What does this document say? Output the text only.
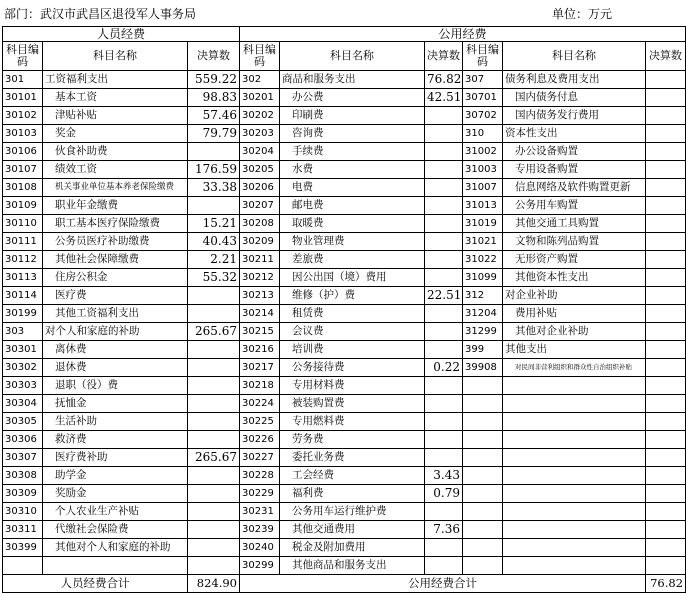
部门：武汉市武昌区退役军人事务局	单位：万元
人员经费			公用经费					
科目编码	科目名称	决算数	科目编码	科目名称	决算数	科目编码	科目名称	决算数
301	工资福利支出	559.22	302	商品和服务支出	76.82	307	债务利息及费用支出	
30101	基本工资	98.83	30201	办公费	42.51	30701	国内债务付息	
30102	津贴补贴	57.46	30202	印刷费		30702	国内债务发行费用	
30103	奖金	79.79	30203	咨询费		310	资本性支出	
30106	伙食补助费		30204	手续费		31002	办公设备购置	
30107	绩效工资	176.59	30205	水费		31003	专用设备购置	
30108	机关事业单位基本养老保险缴费	33.38	30206	电费		31007	信息网络及软件购置更新	
30109	职业年金缴费		30207	邮电费		31013	公务用车购置	
30110	职工基本医疗保险缴费	15.21	30208	取暖费		31019	其他交通工具购置	
30111	公务员医疗补助缴费	40.43	30209	物业管理费		31021	文物和陈列品购置	
30112	其他社会保障缴费	2.21	30211	差旅费		31022	无形资产购置	
30113	住房公积金	55.32	30212	因公出国（境）费用		31099	其他资本性支出	
30114	医疗费		30213	维修（护）费	22.51	312	对企业补助	
30199	其他工资福利支出		30214	租赁费		31204	费用补贴	
303	对个人和家庭的补助	265.67	30215	会议费		31299	其他对企业补助	
30301	离休费		30216	培训费		399	其他支出	
30302	退休费		30217	公务接待费	0.22	39908	对民间非营利组织和群众性自治组织补贴	
30303	退职（役）费		30218	专用材料费				
30304	抚恤金		30224	被装购置费				
30305	生活补助		30225	专用燃料费				
30306	救济费		30226	劳务费				
30307	医疗费补助	265.67	30227	委托业务费				
30308	助学金		30228	工会经费	3.43			
30309	奖励金		30229	福利费	0.79			
30310	个人农业生产补贴		30231	公务用车运行维护费				
30311	代缴社会保险费		30239	其他交通费用	7.36			
30399	其他对个人和家庭的补助		30240	税金及附加费用				
			30299	其他商品和服务支出				
人员经费合计		824.90	公用经费合计					76.82
